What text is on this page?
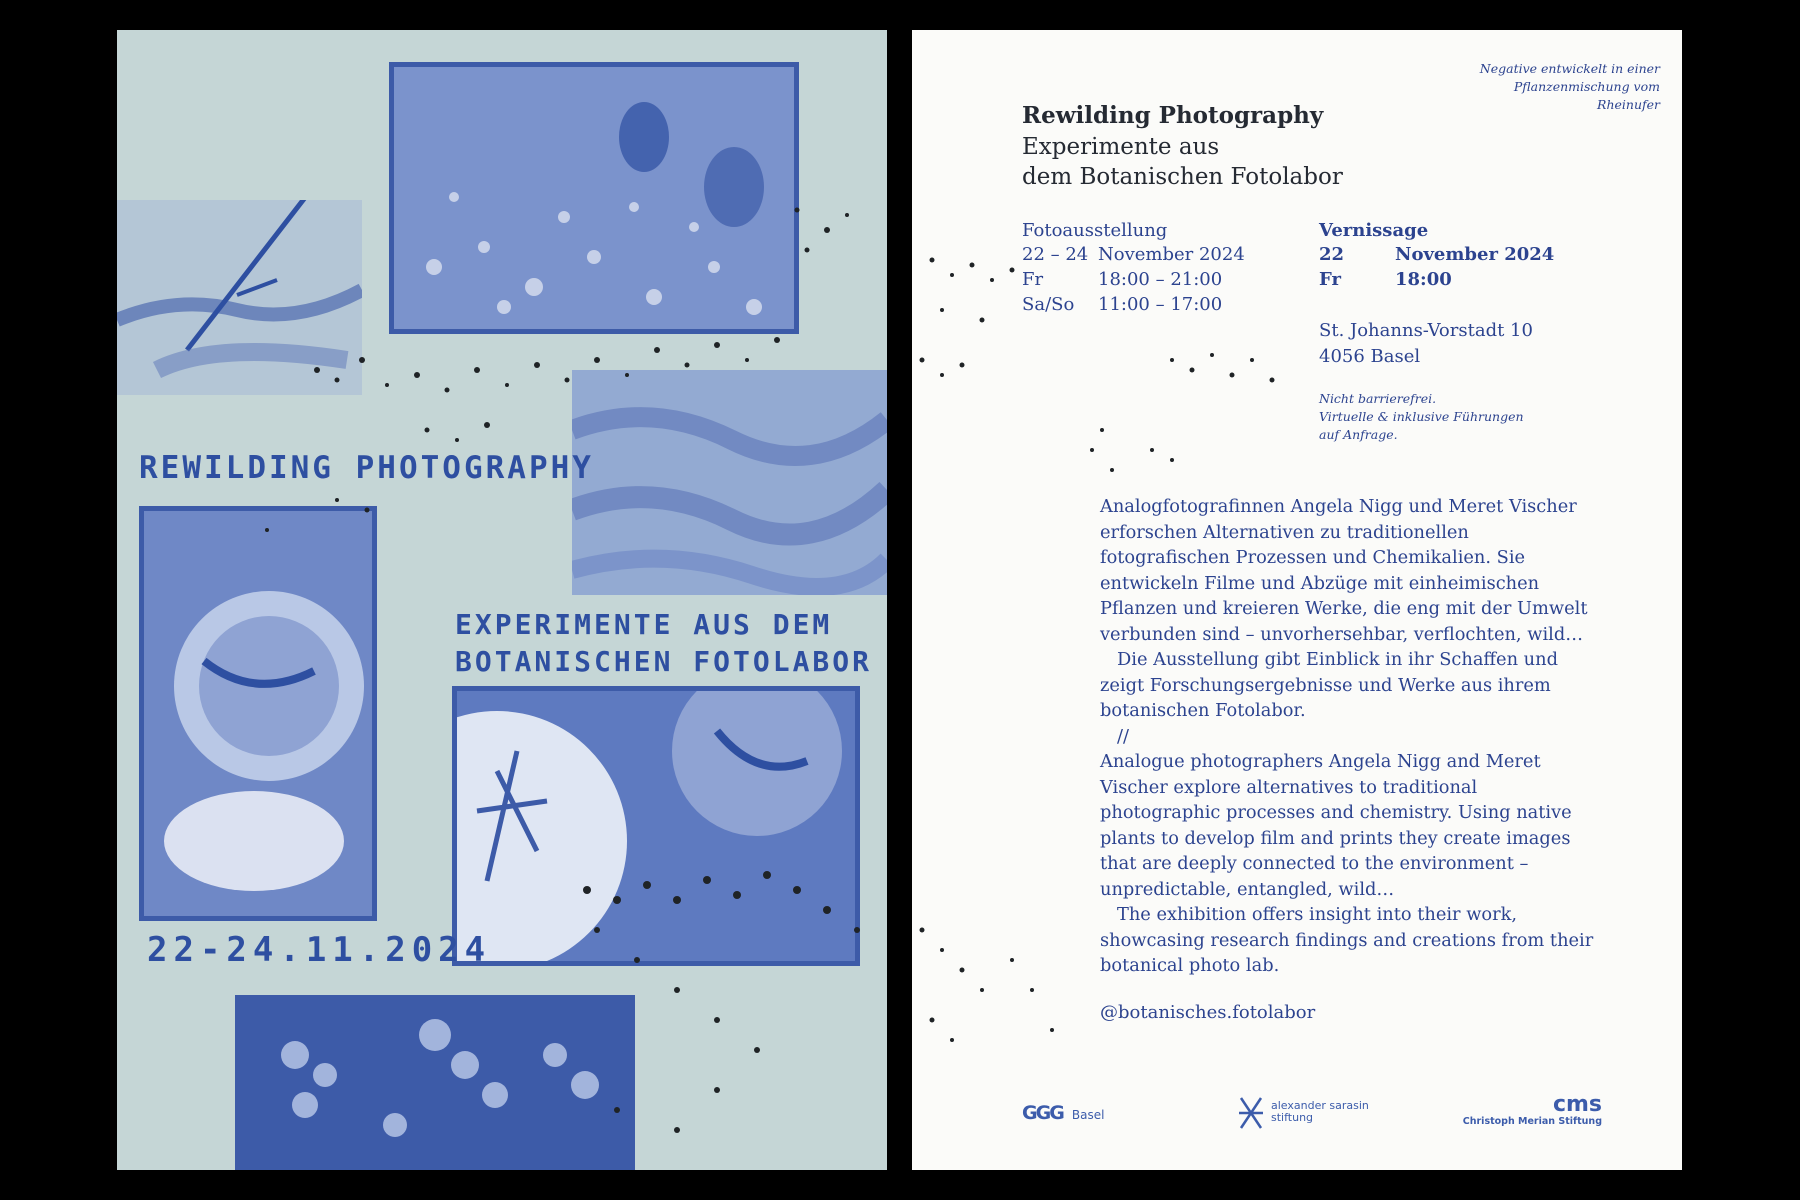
REWILDING PHOTOGRAPHY
EXPERIMENTE AUS DEM
BOTANISCHEN FOTOLABOR
22-24.11.2024
Negative entwickelt in einer Pflanzenmischung vom Rheinufer
Rewilding Photography
Experimente aus
dem Botanischen Fotolabor
Fotoausstellung
22 – 24 November 2024
Fr	18:00 – 21:00
Sa/So 11:00 – 17:00
Vernissage
22	November 2024
Fr	18:00
St. Johanns-Vorstadt 10
4056 Basel
Nicht barrierefrei.
Virtuelle & inklusive Führungen
auf Anfrage.

Analogfotografinnen Angela Nigg und Meret Vischer erforschen Alternativen zu traditionellen fotografischen Prozessen und Chemikalien. Sie entwickeln Filme und Abzüge mit einheimischen Pflanzen und kreieren Werke, die eng mit der Umwelt verbunden sind – unvorhersehbar, verflochten, wild…

Die Ausstellung gibt Einblick in ihr Schaffen und zeigt Forschungsergebnisse und Werke aus ihrem botanischen Fotolabor.

//

Analogue photographers Angela Nigg and Meret Vischer explore alternatives to traditional photographic processes and chemistry. Using native plants to develop film and prints they create images that are deeply connected to the environment – unpredictable, entangled, wild…

The exhibition offers insight into their work, showcasing research findings and creations from their botanical photo lab.

@botanisches.fotolabor
GGG Basel
alexander sarasin
stiftung
cms
Christoph Merian Stiftung
